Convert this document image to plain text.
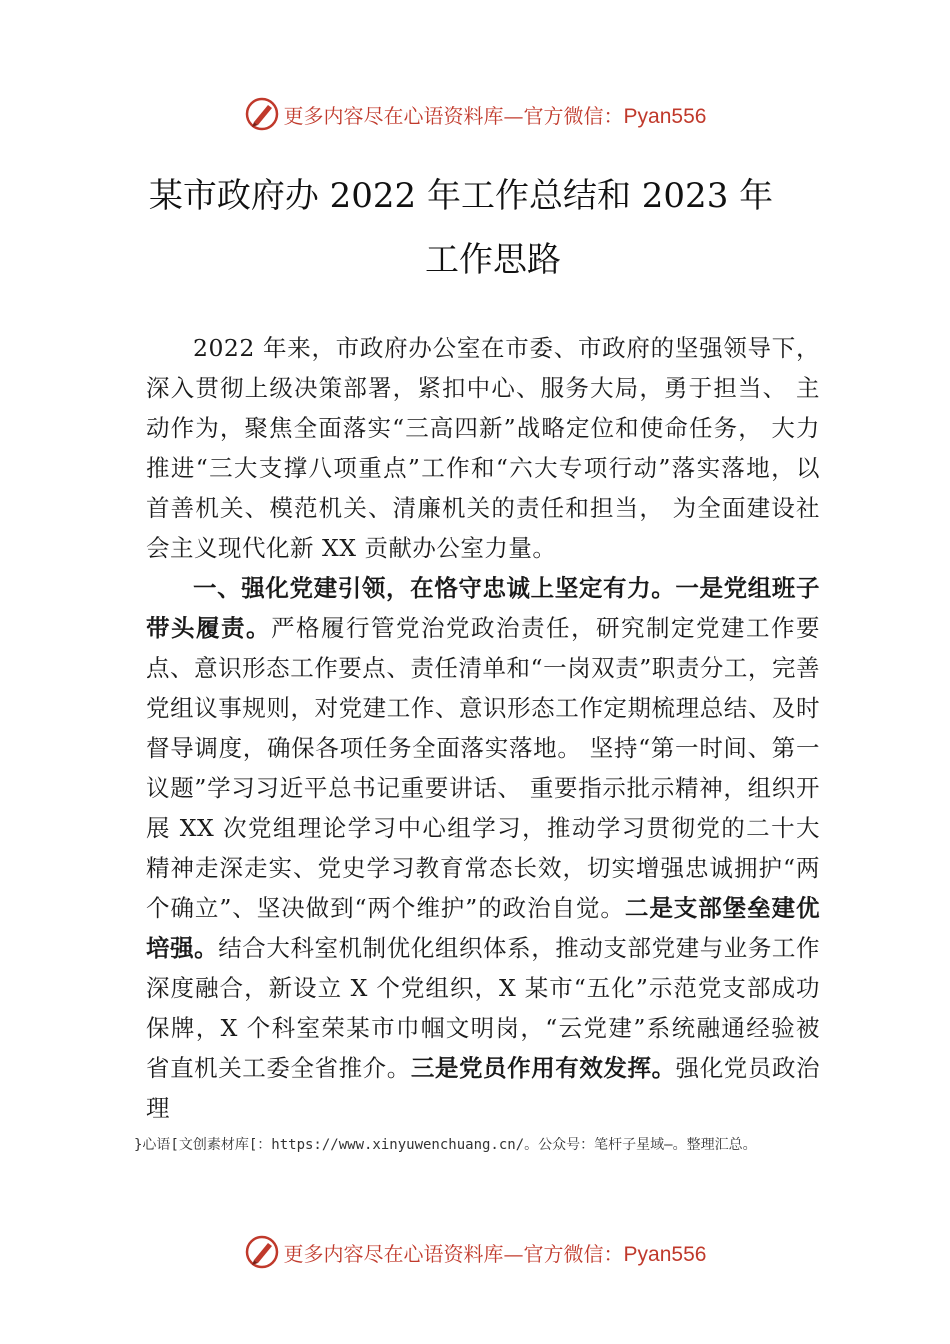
更多内容尽在心语资料库—官方微信：Pyan556
某市政府办 2022 年工作总结和 2023 年
工作思路

2022 年来，市政府办公室在市委、市政府的坚强领导下，深入贯彻上级决策部署，紧扣中心、服务大局，勇于担当、 主动作为，聚焦全面落实“三高四新”战略定位和使命任务， 大力推进“三大支撑八项重点”工作和“六大专项行动”落实落地，以首善机关、模范机关、清廉机关的责任和担当， 为全面建设社会主义现代化新 XX 贡献办公室力量。

一、强化党建引领，在恪守忠诚上坚定有力。一是党组班子带头履责。严格履行管党治党政治责任，研究制定党建工作要点、意识形态工作要点、责任清单和“一岗双责”职责分工，完善党组议事规则，对党建工作、意识形态工作定期梳理总结、及时督导调度，确保各项任务全面落实落地。 坚持“第一时间、第一议题”学习习近平总书记重要讲话、 重要指示批示精神，组织开展 XX 次党组理论学习中心组学习，推动学习贯彻党的二十大精神走深走实、党史学习教育常态长效，切实增强忠诚拥护“两个确立”、坚决做到“两个维护”的政治自觉。二是支部堡垒建优培强。结合大科室机制优化组织体系，推动支部党建与业务工作深度融合，新设立 X 个党组织，X 某市“五化”示范党支部成功保牌，X 个科室荣某市巾帼文明岗，“云党建”系统融通经验被省直机关工委全省推介。三是党员作用有效发挥。强化党员政治理

}心语[文创素材库[：https://www.xinyuwenchuang.cn/。公众号：笔杆子星域—。整理汇总。
更多内容尽在心语资料库—官方微信：Pyan556
